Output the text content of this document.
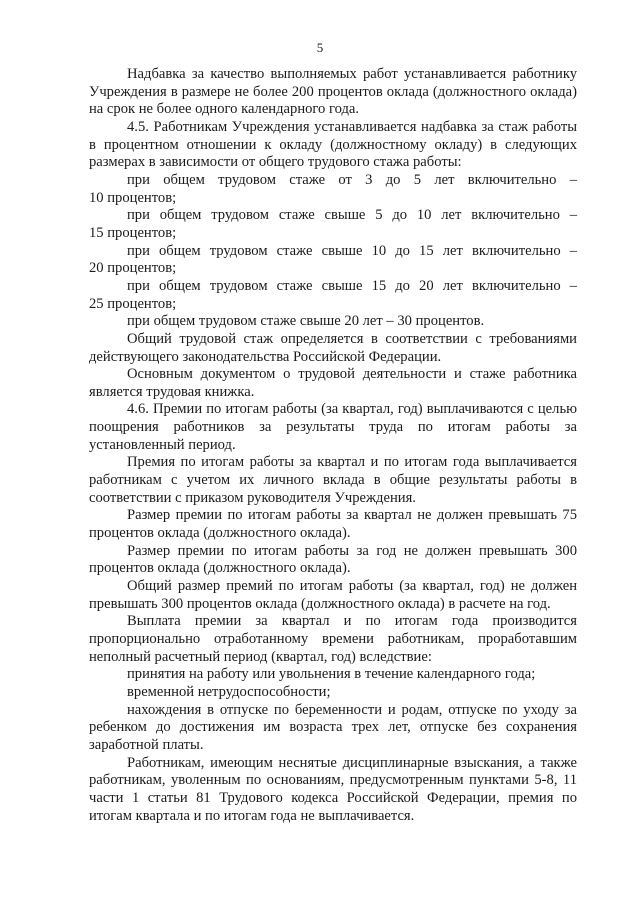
5

Надбавка за качество выполняемых работ устанавливается работнику Учреждения в размере не более 200 процентов оклада (должностного оклада) на срок не более одного календарного года.

4.5. Работникам Учреждения устанавливается надбавка за стаж работы в процентном отношении к окладу (должностному окладу) в следующих размерах в зависимости от общего трудового стажа работы:

при общем трудовом стаже от 3 до 5 лет включительно –

10 процентов;

при общем трудовом стаже свыше 5 до 10 лет включительно –

15 процентов;

при общем трудовом стаже свыше 10 до 15 лет включительно –

20 процентов;

при общем трудовом стаже свыше 15 до 20 лет включительно –

25 процентов;

при общем трудовом стаже свыше 20 лет – 30 процентов.

Общий трудовой стаж определяется в соответствии с требованиями действующего законодательства Российской Федерации.

Основным документом о трудовой деятельности и стаже работника является трудовая книжка.

4.6. Премии по итогам работы (за квартал, год) выплачиваются с целью поощрения работников за результаты труда по итогам работы за установленный период.

Премия по итогам работы за квартал и по итогам года выплачивается работникам с учетом их личного вклада в общие результаты работы в соответствии с приказом руководителя Учреждения.

Размер премии по итогам работы за квартал не должен превышать 75 процентов оклада (должностного оклада).

Размер премии по итогам работы за год не должен превышать 300 процентов оклада (должностного оклада).

Общий размер премий по итогам работы (за квартал, год) не должен превышать 300 процентов оклада (должностного оклада) в расчете на год.

Выплата премии за квартал и по итогам года производится пропорционально отработанному времени работникам, проработавшим неполный расчетный период (квартал, год) вследствие:

принятия на работу или увольнения в течение календарного года;

временной нетрудоспособности;

нахождения в отпуске по беременности и родам, отпуске по уходу за ребенком до достижения им возраста трех лет, отпуске без сохранения заработной платы.

Работникам, имеющим неснятые дисциплинарные взыскания, а также работникам, уволенным по основаниям, предусмотренным пунктами 5-8, 11 части 1 статьи 81 Трудового кодекса Российской Федерации, премия по итогам квартала и по итогам года не выплачивается.
